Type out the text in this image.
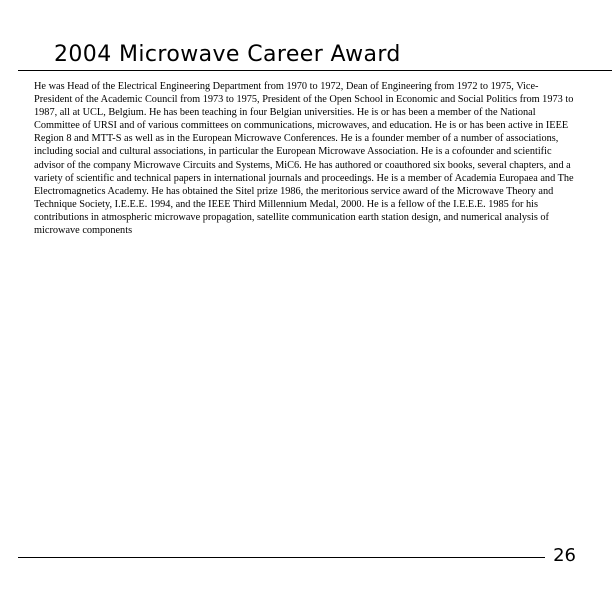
2004 Microwave Career Award

He was Head of the Electrical Engineering Department from 1970 to 1972, Dean of Engineering from 1972 to 1975, Vice-President of the Academic Council from 1973 to 1975, President of the Open School in Economic and Social Politics from 1973 to 1987, all at UCL, Belgium. He has been teaching in four Belgian universities. He is or has been a member of the National Committee of URSI and of various committees on communications, microwaves, and education. He is or has been active in IEEE Region 8 and MTT-S as well as in the European Microwave Conferences. He is a founder member of a number of associations, including social and cultural associations, in particular the European Microwave Association. He is a cofounder and scientific advisor of the company Microwave Circuits and Systems, MiC6. He has authored or coauthored six books, several chapters, and a variety of scientific and technical papers in international journals and proceedings. He is a member of Academia Europaea and The Electromagnetics Academy. He has obtained the Sitel prize 1986, the meritorious service award of the Microwave Theory and Technique Society, I.E.E.E. 1994, and the IEEE Third Millennium Medal, 2000. He is a fellow of the I.E.E.E. 1985 for his contributions in atmospheric microwave propagation, satellite communication earth station design, and numerical analysis of microwave components

26
